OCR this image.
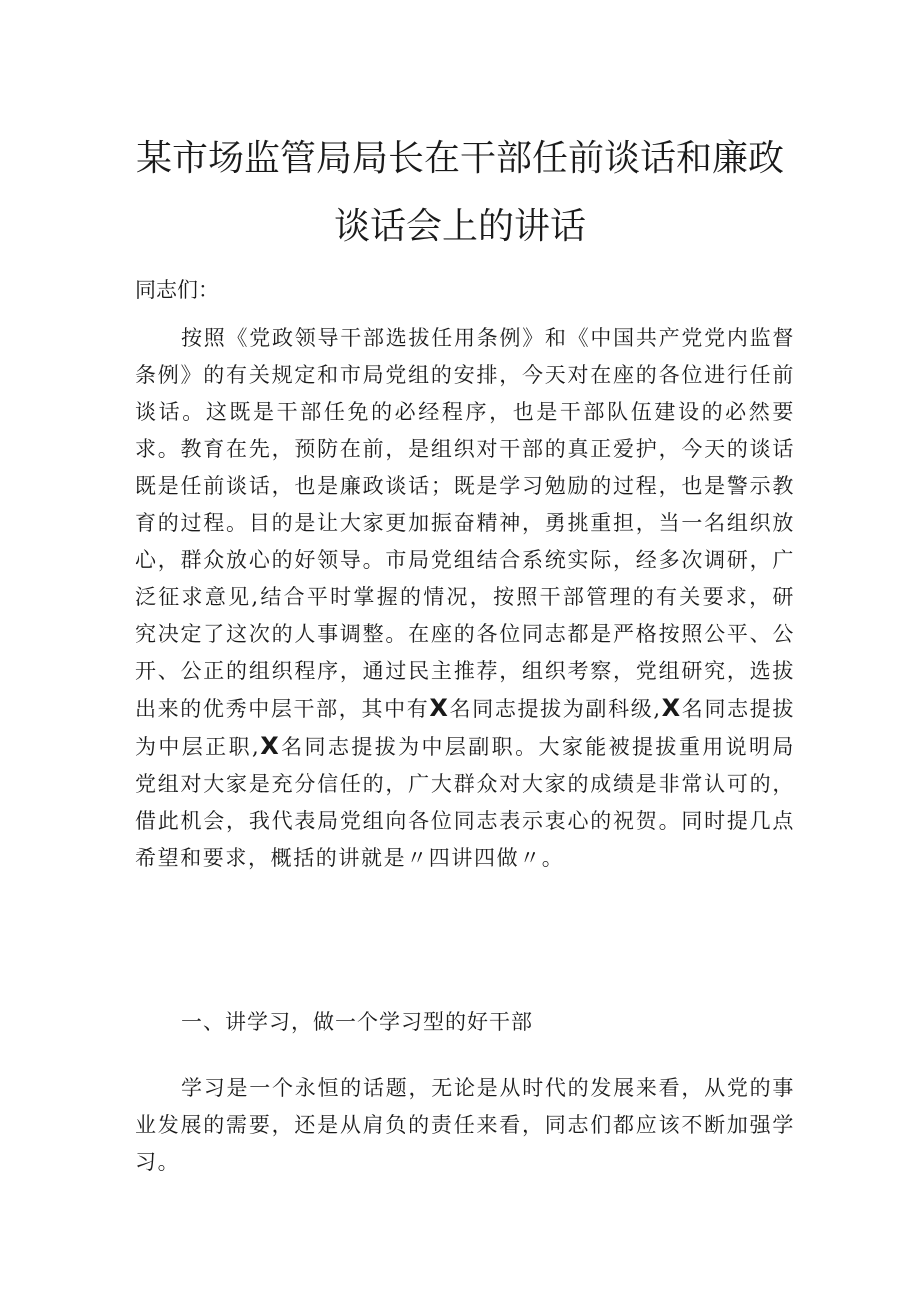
某市场监管局局长在干部任前谈话和廉政
谈话会上的讲话

同志们：

按照《党政领导干部选拔任用条例》和《中国共产党党内监督条例》的有关规定和市局党组的安排，今天对在座的各位进行任前谈话。这既是干部任免的必经程序，也是干部队伍建设的必然要求。教育在先，预防在前，是组织对干部的真正爱护，今天的谈话既是任前谈话，也是廉政谈话；既是学习勉励的过程，也是警示教育的过程。目的是让大家更加振奋精神，勇挑重担，当一名组织放心，群众放心的好领导。市局党组结合系统实际，经多次调研，广泛征求意见,结合平时掌握的情况，按照干部管理的有关要求，研究决定了这次的人事调整。在座的各位同志都是严格按照公平、公开、公正的组织程序，通过民主推荐，组织考察，党组研究，选拔出来的优秀中层干部，其中有X名同志提拔为副科级,X名同志提拔为中层正职,X名同志提拔为中层副职。大家能被提拔重用说明局党组对大家是充分信任的，广大群众对大家的成绩是非常认可的，借此机会，我代表局党组向各位同志表示衷心的祝贺。同时提几点希望和要求，概括的讲就是〃四讲四做〃。

一、讲学习，做一个学习型的好干部

学习是一个永恒的话题，无论是从时代的发展来看，从党的事业发展的需要，还是从肩负的责任来看，同志们都应该不断加强学习。
